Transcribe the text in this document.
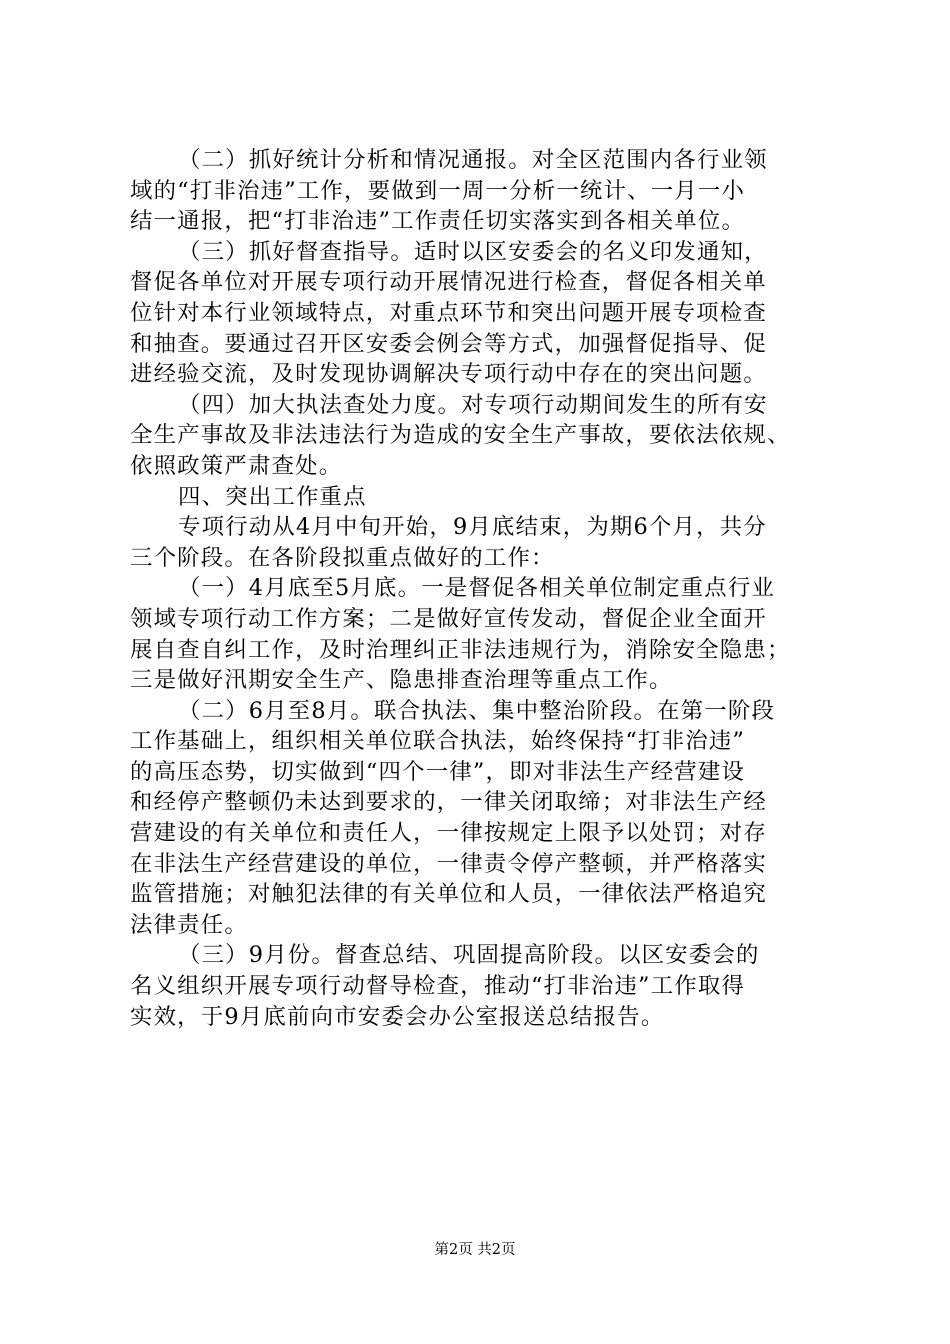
（二）抓好统计分析和情况通报。对全区范围内各行业领
域的“打非治违”工作，要做到一周一分析一统计、一月一小
结一通报，把“打非治违”工作责任切实落实到各相关单位。
（三）抓好督查指导。适时以区安委会的名义印发通知，
督促各单位对开展专项行动开展情况进行检查，督促各相关单
位针对本行业领域特点，对重点环节和突出问题开展专项检查
和抽查。要通过召开区安委会例会等方式，加强督促指导、促
进经验交流，及时发现协调解决专项行动中存在的突出问题。
（四）加大执法查处力度。对专项行动期间发生的所有安
全生产事故及非法违法行为造成的安全生产事故，要依法依规、
依照政策严肃查处。
四、突出工作重点
专项行动从4月中旬开始，9月底结束，为期6个月，共分
三个阶段。在各阶段拟重点做好的工作：
（一）4月底至5月底。一是督促各相关单位制定重点行业
领域专项行动工作方案；二是做好宣传发动，督促企业全面开
展自查自纠工作，及时治理纠正非法违规行为，消除安全隐患；
三是做好汛期安全生产、隐患排查治理等重点工作。
（二）6月至8月。联合执法、集中整治阶段。在第一阶段
工作基础上，组织相关单位联合执法，始终保持“打非治违”
的高压态势，切实做到“四个一律”，即对非法生产经营建设
和经停产整顿仍未达到要求的，一律关闭取缔；对非法生产经
营建设的有关单位和责任人，一律按规定上限予以处罚；对存
在非法生产经营建设的单位，一律责令停产整顿，并严格落实
监管措施；对触犯法律的有关单位和人员，一律依法严格追究
法律责任。
（三）9月份。督查总结、巩固提高阶段。以区安委会的
名义组织开展专项行动督导检查，推动“打非治违”工作取得
实效，于9月底前向市安委会办公室报送总结报告。
第2页 共2页
